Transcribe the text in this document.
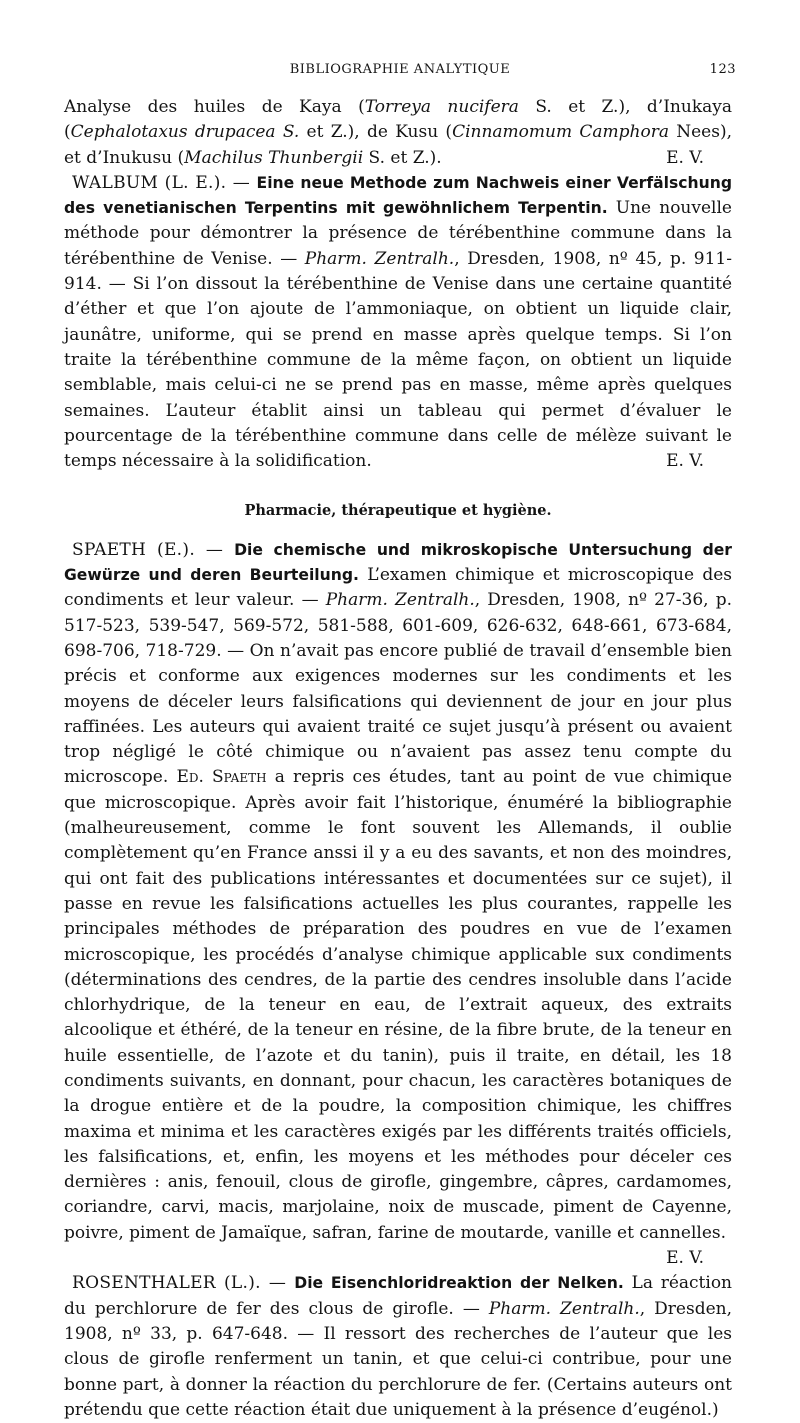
BIBLIOGRAPHIE ANALYTIQUE	123

Analyse des huiles de Kaya (Torreya nucifera S. et Z.), d’Inukaya (Cephalotaxus drupacea S. et Z.), de Kusu (Cinnamomum Camphora Nees), et d’Inukusu (Machilus Thunbergii S. et Z.).	E. V.

WALBUM (L. E.). — Eine neue Methode zum Nachweis einer Verfälschung des venetianischen Terpentins mit gewöhnlichem Terpentin. Une nouvelle méthode pour démontrer la présence de térébenthine commune dans la térébenthine de Venise. — Pharm. Zentralh., Dresden, 1908, nº 45, p. 911-914. — Si l’on dissout la térébenthine de Venise dans une certaine quantité d’éther et que l’on ajoute de l’ammoniaque, on obtient un liquide clair, jaunâtre, uniforme, qui se prend en masse après quelque temps. Si l’on traite la térébenthine commune de la même façon, on obtient un liquide semblable, mais celui-ci ne se prend pas en masse, même après quelques semaines. L’auteur établit ainsi un tableau qui permet d’évaluer le pourcentage de la térébenthine commune dans celle de mélèze suivant le temps nécessaire à la solidification.	E. V.

Pharmacie, thérapeutique et hygiène.

SPAETH (E.). — Die chemische und mikroskopische Untersuchung der Gewürze und deren Beurteilung. L’examen chimique et microscopique des condiments et leur valeur. — Pharm. Zentralh., Dresden, 1908, nº 27-36, p. 517-523, 539-547, 569-572, 581-588, 601-609, 626-632, 648-661, 673-684, 698-706, 718-729. — On n’avait pas encore publié de travail d’ensemble bien précis et conforme aux exigences modernes sur les condiments et les moyens de déceler leurs falsifications qui deviennent de jour en jour plus raffinées. Les auteurs qui avaient traité ce sujet jusqu’à présent ou avaient trop négligé le côté chimique ou n’avaient pas assez tenu compte du microscope. Ed. Spaeth a repris ces études, tant au point de vue chimique que microscopique. Après avoir fait l’historique, énuméré la bibliographie (malheureusement, comme le font souvent les Allemands, il oublie complètement qu’en France anssi il y a eu des savants, et non des moindres, qui ont fait des publications intéressantes et documentées sur ce sujet), il passe en revue les falsifications actuelles les plus courantes, rappelle les principales méthodes de préparation des poudres en vue de l’examen microscopique, les procédés d’analyse chimique applicable sux condiments (déterminations des cendres, de la partie des cendres insoluble dans l’acide chlorhydrique, de la teneur en eau, de l’extrait aqueux, des extraits alcoolique et éthéré, de la teneur en résine, de la fibre brute, de la teneur en huile essentielle, de l’azote et du tanin), puis il traite, en détail, les 18 condiments suivants, en donnant, pour chacun, les caractères botaniques de la drogue entière et de la poudre, la composition chimique, les chiffres maxima et minima et les caractères exigés par les différents traités officiels, les falsifications, et, enfin, les moyens et les méthodes pour déceler ces dernières : anis, fenouil, clous de girofle, gingembre, câpres, cardamomes, coriandre, carvi, macis, marjolaine, noix de muscade, piment de Cayenne, poivre, piment de Jamaïque, safran, farine de moutarde, vanille et cannelles.
E. V.

ROSENTHALER (L.). — Die Eisenchloridreaktion der Nelken. La réaction du perchlorure de fer des clous de girofle. — Pharm. Zentralh., Dresden, 1908, nº 33, p. 647-648. — Il ressort des recherches de l’auteur que les clous de girofle renferment un tanin, et que celui-ci contribue, pour une bonne part, à donner la réaction du perchlorure de fer. (Certains auteurs ont prétendu que cette réaction était due uniquement à la présence d’eugénol.)
